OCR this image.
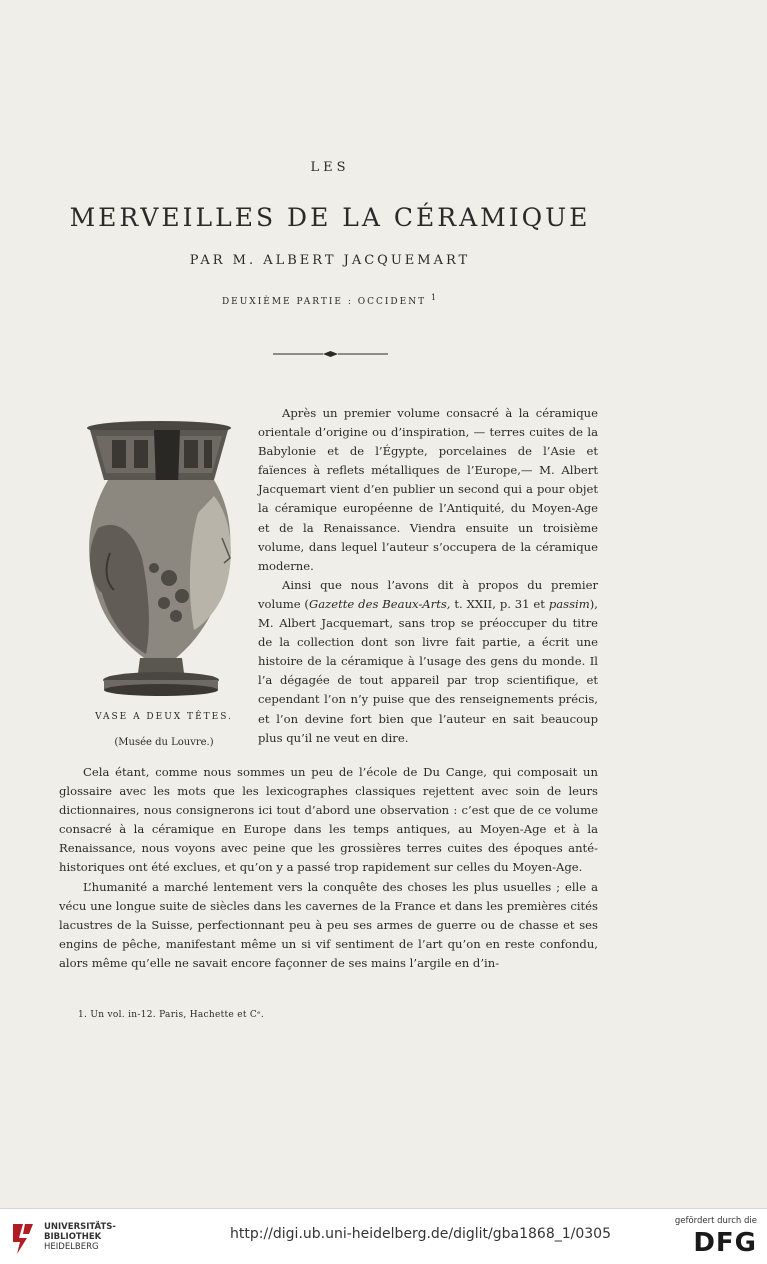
LES
MERVEILLES DE LA CÉRAMIQUE
PAR M. ALBERT JACQUEMART
DEUXIÈME PARTIE : OCCIDENT $^1$
VASE A DEUX TÊTES.
(Musée du Louvre.)

Après un premier volume consacré à la céramique orientale d’origine ou d’inspiration, — terres cuites de la Babylonie et de l’Égypte, porcelaines de l’Asie et faïences à reflets métalliques de l’Europe,— M. Albert Jacquemart vient d’en publier un second qui a pour objet la céramique européenne de l’Antiquité, du Moyen-Age et de la Renaissance. Viendra ensuite un troisième volume, dans lequel l’auteur s’occupera de la céramique moderne.

Ainsi que nous l’avons dit à propos du premier volume (Gazette des Beaux-Arts, t. XXII, p. 31 et passim), M. Albert Jacquemart, sans trop se préoccuper du titre de la collection dont son livre fait partie, a écrit une histoire de la céramique à l’usage des gens du monde. Il l’a dégagée de tout appareil par trop scientifique, et cependant l’on n’y puise que des renseignements précis, et l’on devine fort bien que l’auteur en sait beaucoup plus qu’il ne veut en dire.

Cela étant, comme nous sommes un peu de l’école de Du Cange, qui composait un glossaire avec les mots que les lexicographes classiques rejettent avec soin de leurs dictionnaires, nous consignerons ici tout d’abord une observation : c’est que de ce volume consacré à la céramique en Europe dans les temps antiques, au Moyen-Age et à la Renaissance, nous voyons avec peine que les grossières terres cuites des époques anté-historiques ont été exclues, et qu’on y a passé trop rapidement sur celles du Moyen-Age.

L’humanité a marché lentement vers la conquête des choses les plus usuelles ; elle a vécu une longue suite de siècles dans les cavernes de la France et dans les premières cités lacustres de la Suisse, perfectionnant peu à peu ses armes de guerre ou de chasse et ses engins de pêche, manifestant même un si vif sentiment de l’art qu’on en reste confondu, alors même qu’elle ne savait encore façonner de ses mains l’argile en d’in-

1. Un vol. in-12. Paris, Hachette et Cᵉ.
UNIVERSITÄTS-
BIBLIOTHEK
HEIDELBERG
http://digi.ub.uni-heidelberg.de/diglit/gba1868_1/0305
gefördert durch die
DFG
